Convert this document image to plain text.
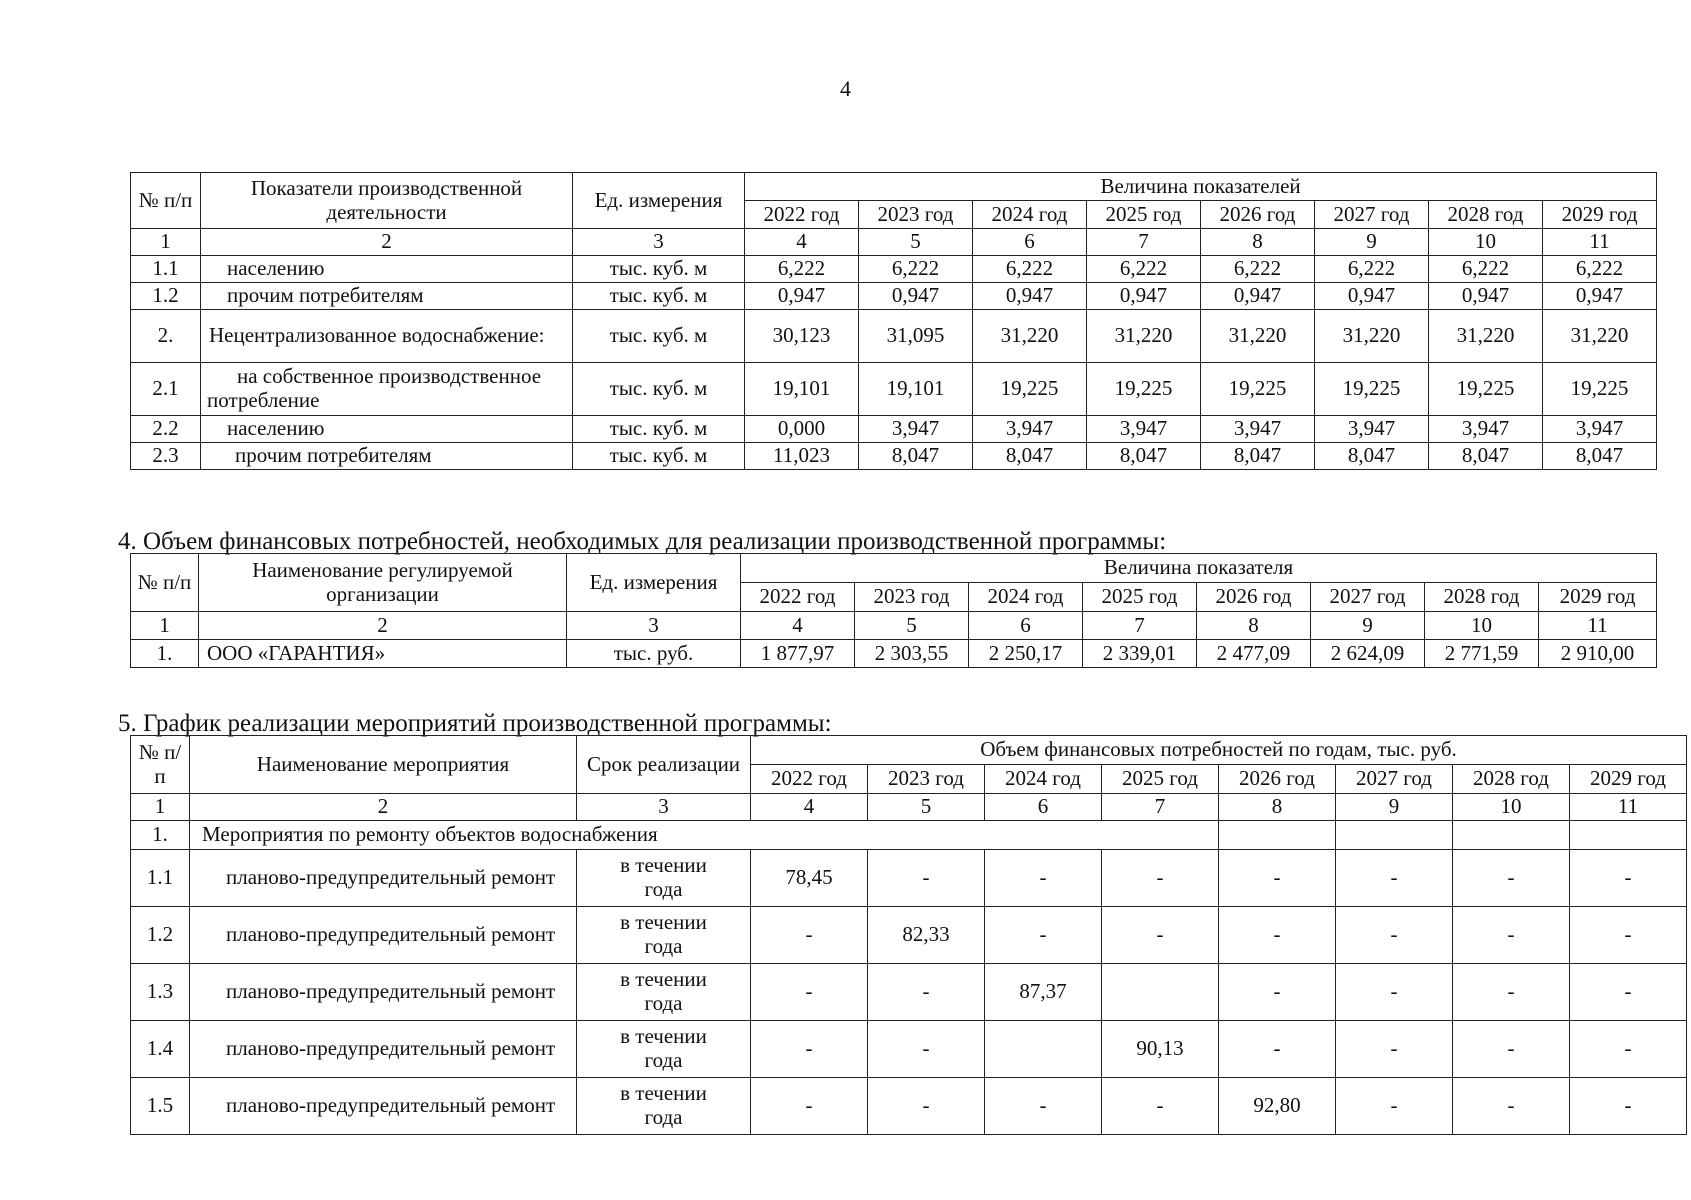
4
№ п/п	Показатели производственной деятельности	Ед. измерения	Величина показателей							
			2022 год	2023 год	2024 год	2025 год	2026 год	2027 год	2028 год	2029 год
1	2	3	4	5	6	7	8	9	10	11
1.1	населению	тыс. куб. м	6,222	6,222	6,222	6,222	6,222	6,222	6,222	6,222
1.2	прочим потребителям	тыс. куб. м	0,947	0,947	0,947	0,947	0,947	0,947	0,947	0,947
2.	Нецентрализованное водоснабжение:	тыс. куб. м	30,123	31,095	31,220	31,220	31,220	31,220	31,220	31,220
2.1	на собственное производственное потребление	тыс. куб. м	19,101	19,101	19,225	19,225	19,225	19,225	19,225	19,225
2.2	населению	тыс. куб. м	0,000	3,947	3,947	3,947	3,947	3,947	3,947	3,947
2.3	прочим потребителям	тыс. куб. м	11,023	8,047	8,047	8,047	8,047	8,047	8,047	8,047
4. Объем финансовых потребностей, необходимых для реализации производственной программы:
№ п/п	Наименование регулируемой организации	Ед. измерения	Величина показателя							
			2022 год	2023 год	2024 год	2025 год	2026 год	2027 год	2028 год	2029 год
1	2	3	4	5	6	7	8	9	10	11
1.	ООО «ГАРАНТИЯ»	тыс. руб.	1 877,97	2 303,55	2 250,17	2 339,01	2 477,09	2 624,09	2 771,59	2 910,00
5. График реализации мероприятий производственной программы:
№ п/п	Наименование мероприятия	Срок реализации	Объем финансовых потребностей по годам, тыс. руб.							
			2022 год	2023 год	2024 год	2025 год	2026 год	2027 год	2028 год	2029 год
1	2	3	4	5	6	7	8	9	10	11
1.	Мероприятия по ремонту объектов водоснабжения									
1.1	планово-предупредительный ремонт	в течении года	78,45	-	-	-	-	-	-	-
1.2	планово-предупредительный ремонт	в течении года	-	82,33	-	-	-	-	-	-
1.3	планово-предупредительный ремонт	в течении года	-	-	87,37		-	-	-	-
1.4	планово-предупредительный ремонт	в течении года	-	-		90,13	-	-	-	-
1.5	планово-предупредительный ремонт	в течении года	-	-	-	-	92,80	-	-	-
